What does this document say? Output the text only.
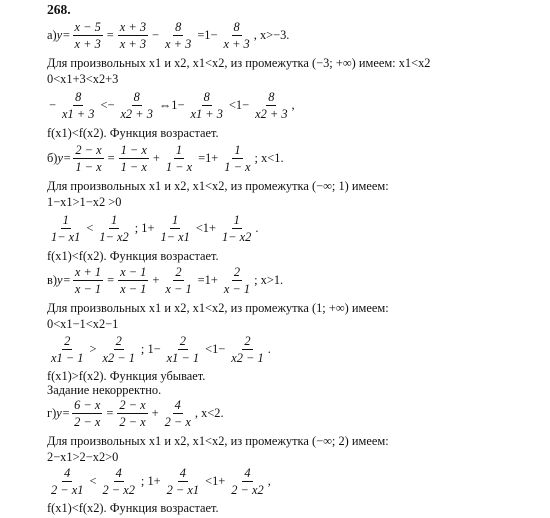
268.
а) $y= \frac{x - 5}{x + 3} = \frac{x + 3}{x + 3} - \frac{8}{x + 3} =1- \frac{8}{x + 3}$ , x>−3.
Для произвольных x1 и x2, x1<x2, из промежутка (−3; +∞) имеем: x1<x2
0<x1+3<x2+3
− $\frac{8}{x1 + 3} <- \frac{8}{x2 + 3}$ ⇔1− $\frac{8}{x1 + 3} <1- \frac{8}{x2 + 3}$ ,
f(x1)<f(x2). Функция возрастает.
б) $y= \frac{2 - x}{1 - x} = \frac{1 - x}{1 - x} + \frac{1}{1 - x} =1+ \frac{1}{1 - x}$ ; x<1.
Для произвольных x1 и x2, x1<x2, из промежутка (−∞; 1) имеем:
1−x1>1−x2 >0
1
1− x1
<
1
1− x2
; $1+ \frac{1}{1- x1} <1+ \frac{1}{1- x2}$ .
f(x1)<f(x2). Функция возрастает.
в) $y= \frac{x + 1}{x - 1} = \frac{x - 1}{x - 1} + \frac{2}{x - 1} =1+ \frac{2}{x - 1}$ ; x>1.
Для произвольных x1 и x2, x1<x2, из промежутка (1; +∞) имеем:
0<x1−1<x2−1
2
x1 − 1
>
2
x2 − 1
; $1- \frac{2}{x1 - 1} <1- \frac{2}{x2 - 1}$ .
f(x1)>f(x2). Функция убывает.
Задание некорректно.
г) $y= \frac{6 - x}{2 - x} = \frac{2 - x}{2 - x} + \frac{4}{2 - x}$ , x<2.
Для произвольных x1 и x2, x1<x2, из промежутка (−∞; 2) имеем:
2−x1>2−x2>0
4
2 − x1
<
4
2 − x2
; $1+ \frac{4}{2 - x1} <1+ \frac{4}{2 - x2}$ ,
f(x1)<f(x2). Функция возрастает.
